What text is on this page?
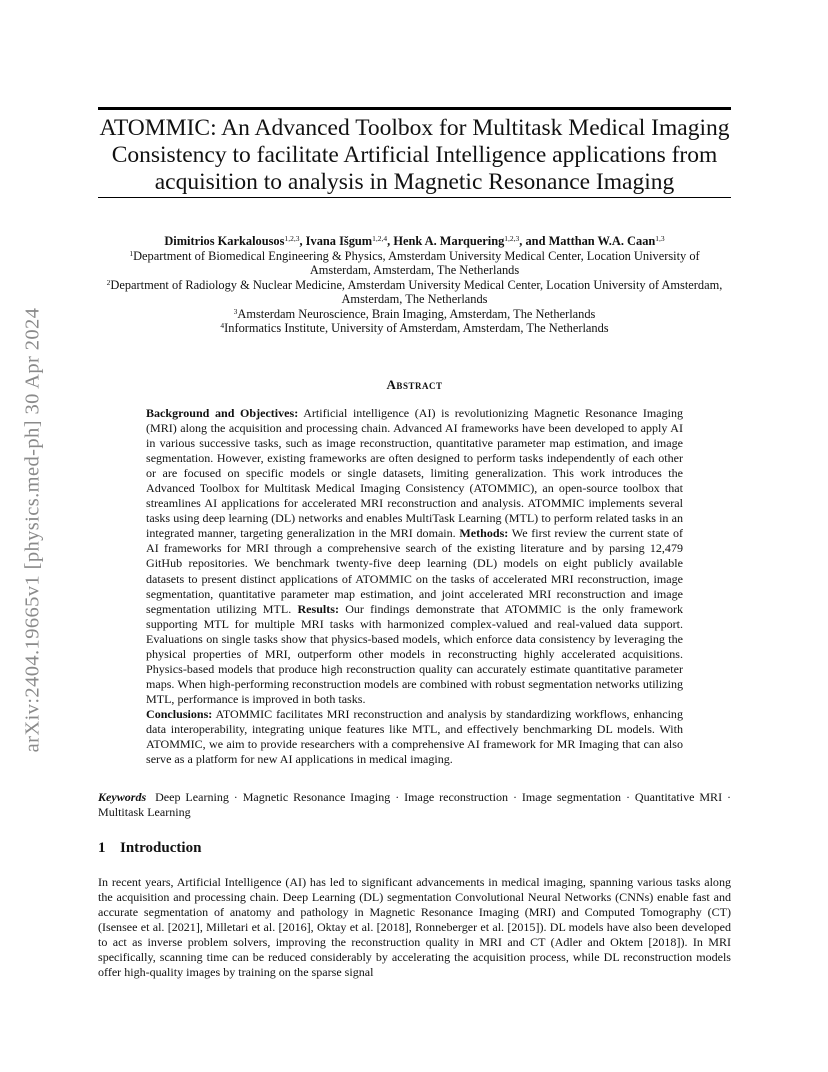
arXiv:2404.19665v1 [physics.med-ph] 30 Apr 2024
ATOMMIC: An Advanced Toolbox for Multitask Medical Imaging Consistency to facilitate Artificial Intelligence applications from acquisition to analysis in Magnetic Resonance Imaging
Dimitrios Karkalousos$^{1,2,3}$, Ivana Išgum$^{1,2,4}$, Henk A. Marquering$^{1,2,3}$, and Matthan W.A. Caan$^{1,3}$

$^1$Department of Biomedical Engineering & Physics, Amsterdam University Medical Center, Location University of Amsterdam, Amsterdam, The Netherlands

$^2$Department of Radiology & Nuclear Medicine, Amsterdam University Medical Center, Location University of Amsterdam, Amsterdam, The Netherlands

$^3$Amsterdam Neuroscience, Brain Imaging, Amsterdam, The Netherlands

$^4$Informatics Institute, University of Amsterdam, Amsterdam, The Netherlands

Abstract

Background and Objectives: Artificial intelligence (AI) is revolutionizing Magnetic Resonance Imaging (MRI) along the acquisition and processing chain. Advanced AI frameworks have been developed to apply AI in various successive tasks, such as image reconstruction, quantitative parameter map estimation, and image segmentation. However, existing frameworks are often designed to perform tasks independently of each other or are focused on specific models or single datasets, limiting generalization. This work introduces the Advanced Toolbox for Multitask Medical Imaging Consistency (ATOMMIC), an open-source toolbox that streamlines AI applications for accelerated MRI reconstruction and analysis. ATOMMIC implements several tasks using deep learning (DL) networks and enables MultiTask Learning (MTL) to perform related tasks in an integrated manner, targeting generalization in the MRI domain. Methods: We first review the current state of AI frameworks for MRI through a comprehensive search of the existing literature and by parsing 12,479 GitHub repositories. We benchmark twenty-five deep learning (DL) models on eight publicly available datasets to present distinct applications of ATOMMIC on the tasks of accelerated MRI reconstruction, image segmentation, quantitative parameter map estimation, and joint accelerated MRI reconstruction and image segmentation utilizing MTL. Results: Our findings demonstrate that ATOMMIC is the only framework supporting MTL for multiple MRI tasks with harmonized complex-valued and real-valued data support. Evaluations on single tasks show that physics-based models, which enforce data consistency by leveraging the physical properties of MRI, outperform other models in reconstructing highly accelerated acquisitions. Physics-based models that produce high reconstruction quality can accurately estimate quantitative parameter maps. When high-performing reconstruction models are combined with robust segmentation networks utilizing MTL, performance is improved in both tasks.
Conclusions: ATOMMIC facilitates MRI reconstruction and analysis by standardizing workflows, enhancing data interoperability, integrating unique features like MTL, and effectively benchmarking DL models. With ATOMMIC, we aim to provide researchers with a comprehensive AI framework for MR Imaging that can also serve as a platform for new AI applications in medical imaging.

Keywords Deep Learning · Magnetic Resonance Imaging · Image reconstruction · Image segmentation · Quantitative MRI · Multitask Learning

1 Introduction

In recent years, Artificial Intelligence (AI) has led to significant advancements in medical imaging, spanning various tasks along the acquisition and processing chain. Deep Learning (DL) segmentation Convolutional Neural Networks (CNNs) enable fast and accurate segmentation of anatomy and pathology in Magnetic Resonance Imaging (MRI) and Computed Tomography (CT) (Isensee et al. [2021], Milletari et al. [2016], Oktay et al. [2018], Ronneberger et al. [2015]). DL models have also been developed to act as inverse problem solvers, improving the reconstruction quality in MRI and CT (Adler and Oktem [2018]). In MRI specifically, scanning time can be reduced considerably by accelerating the acquisition process, while DL reconstruction models offer high-quality images by training on the sparse signal
